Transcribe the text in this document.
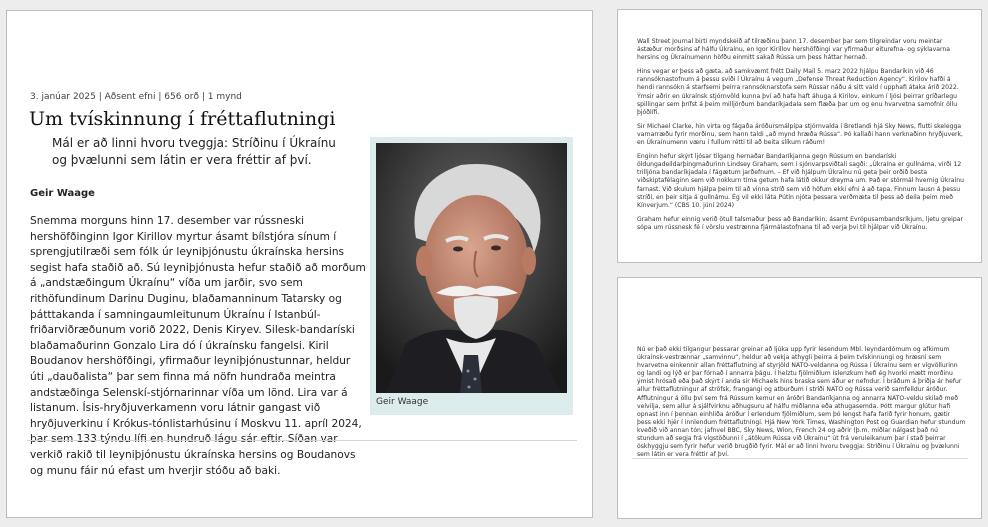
3. janúar 2025 | Aðsent efni | 656 orð | 1 mynd
Um tvískinnung í fréttaflutningi
Mál er að linni hvoru tveggja: Stríðinu í Úkraínu og þvælunni sem látin er vera fréttir af því.
Geir Waage
Snemma morguns hinn 17. desember var rússneski hershöfðinginn Igor Kirillov myrtur ásamt bílstjóra sínum í sprengjutilræði sem fólk úr leyniþjónustu úkraínska hersins segist hafa staðið að. Sú leyniþjónusta hefur staðið að morðum á „andstæðingum Úkraínu“ víða um jarðir, svo sem rithöfundinum Darinu Duginu, blaðamanninum Tatarsky og þátttakanda í samningaumleitunum Úkraínu í Istanbúl-friðarviðræðunum vorið 2022, Denis Kiryev. Silesk-bandaríski blaðamaðurinn Gonzalo Lira dó í úkraínsku fangelsi. Kiril Boudanov hershöfðingi, yfirmaður leyniþjónustunnar, heldur úti „dauðalista“ þar sem finna má nöfn hundraða meintra andstæðinga Selenskí-stjórnarinnar víða um lönd. Lira var á listanum. Ísis-hryðjuverkamenn voru látnir gangast við hryðjuverkinu í Krókus-tónlistarhúsinu í Moskvu 11. apríl 2024, verkið rakið til leyniþjónustu úkraínska hersins og Boudanovs og munu fáir nú efast um hverjir stóðu að baki.
Geir Waage

Wall Street Journal birti myndskeið af tilræðinu þann 17. desember þar sem tilgreindar voru meintar ástæður morðsins af hálfu Úkraínu, en Igor Kirillov hershöfðingi var yfirmaður eiturefna- og sýklavarna hersins og Úkraínumenn höfðu einmitt sakað Rússa um þess háttar hernað.

Hins vegar er þess að gæta, að samkvæmt frétt Daily Mail 5. marz 2022 hjálpu Bandaríkin við 46 rannsóknastofnum á þessu sviði í Úkraínu á vegum „Defense Threat Reduction Agency“. Kirilov hafði á hendi rannsókn á starfsemi þeirra rannsóknarstofa sem Rússar náðu á sitt vald í upphafi átaka árið 2022. Ýmsir aðrir en úkraínsk stjórnvöld kunna því að hafa haft áhuga á Kirilov, einkum í ljósi þeirrar gríðarlegu spillingar sem þrífst á þeim milljörðum bandaríkjadala sem flæða þar um og enu hvarvetna samofnir öllu þjóðlífi.

Sir Michael Clarke, hin virta og fágaða áróðursmálpípa stjórnvalda í Bretlandi hjá Sky News, flutti skelegga varnarræðu fyrir morðinu, sem hann taldi „að mynd hræða Rússa“. Þó kallaði hann verknaðinn hryðjuverk, en Úkraínumenn væru í fullum rétti til að beita slíkum ráðum!

Enginn hefur skýrt ljósar tilgang hernaðar Bandaríkjanna gegn Rússum en bandaríski öldungadeildarþingmaðurinn Lindsey Graham, sem í sjónvarpsviðtali sagði: „Úkraína er gullnáma, virði 12 trilljóna bandaríkjadala í fágætum jarðefnum. – Ef við hjálpum Úkraínu nú geta þeir orðið besta viðskiptafélaginn sem við nokkurn tíma getum hafa látið okkur dreyma um. Það er stórmál hvernig Úkraínu farnast. Við skulum hjálpa þeim til að vinna stríð sem við höfum ekki efni á að tapa. Finnum lausn á þessu stríði, en þeir sitja á gullnámu. Ég vil ekki láta Pútín njóta þessara verðmæta til þess að deila þeim með Kínverjum.“ (CBS 10. júní 2024)

Graham hefur einnig verið ötull talsmaður þess að Bandaríkin, ásamt Evrópusambandsríkjum, ljetu greipar sópa um rússnesk fé í vörslu vestrænna fjármálastofnana til að verja því til hjálpar við Úkraínu.

Nú er það ekki tilgangur þessarar greinar að ljúka upp fyrir lesendum Mbl. leyndardómum og afkimum úkraínsk-vestrænnar „samvinnu“, heldur að vekja athygli þeirra á þeim tvískinnungi og hræsni sem hvarvetna einkennir allan fréttaflutning af styrjöld NATO-veldanna og Rússa í Úkraínu sem er vígvöllurinn og landi og lýð er þar fórnað í annarra þágu. Í helztu fjölmiðlum íslenzkum hefi ég hvorki mætt morðinu ýmist hrósað eða það skýrt í anda sir Michaels hins braska sem áður er nefndur. Í bráðum á þriðja ár hefur allur fréttaflutningur af ströfsk, frangangi og atburðum í stríði NATO og Rússa verið samfelldur áróður. Afflutningur á öllu því sem frá Rússum kemur en áróðri Bandaríkjanna og annarra NATO-veldu skilað með velvilja, sem allur á sjálfvirknu aðhugsuru af hálfu miðlanna eða athugasemda. Þótt margur glútur hafi opnast inn í þennan einhliða áróður í erlendum fjölmiðlum, sem þó lengst hafa farið fyrir honum, gætir þess ekki hjér í innlendum fréttaflutningi. Hjá New York Times, Washington Post og Guardian hefur stundum kveðið við annan tón; jafnvel BBC, Sky News, Wion, French 24 og aðrir (þ.m. miðlar nálgast það nú stundum að segja frá vígstöðunni í „átökum Rússa við Úkraínu“ út frá veruleikanum þar í stað þeirrar óskhyggju sem fyrir hefur verið brugðið fyrir. Mál er að linni hvoru tveggja: Stríðinu í Úkraínu og þvælunni sem látin er vera fréttir af því.
